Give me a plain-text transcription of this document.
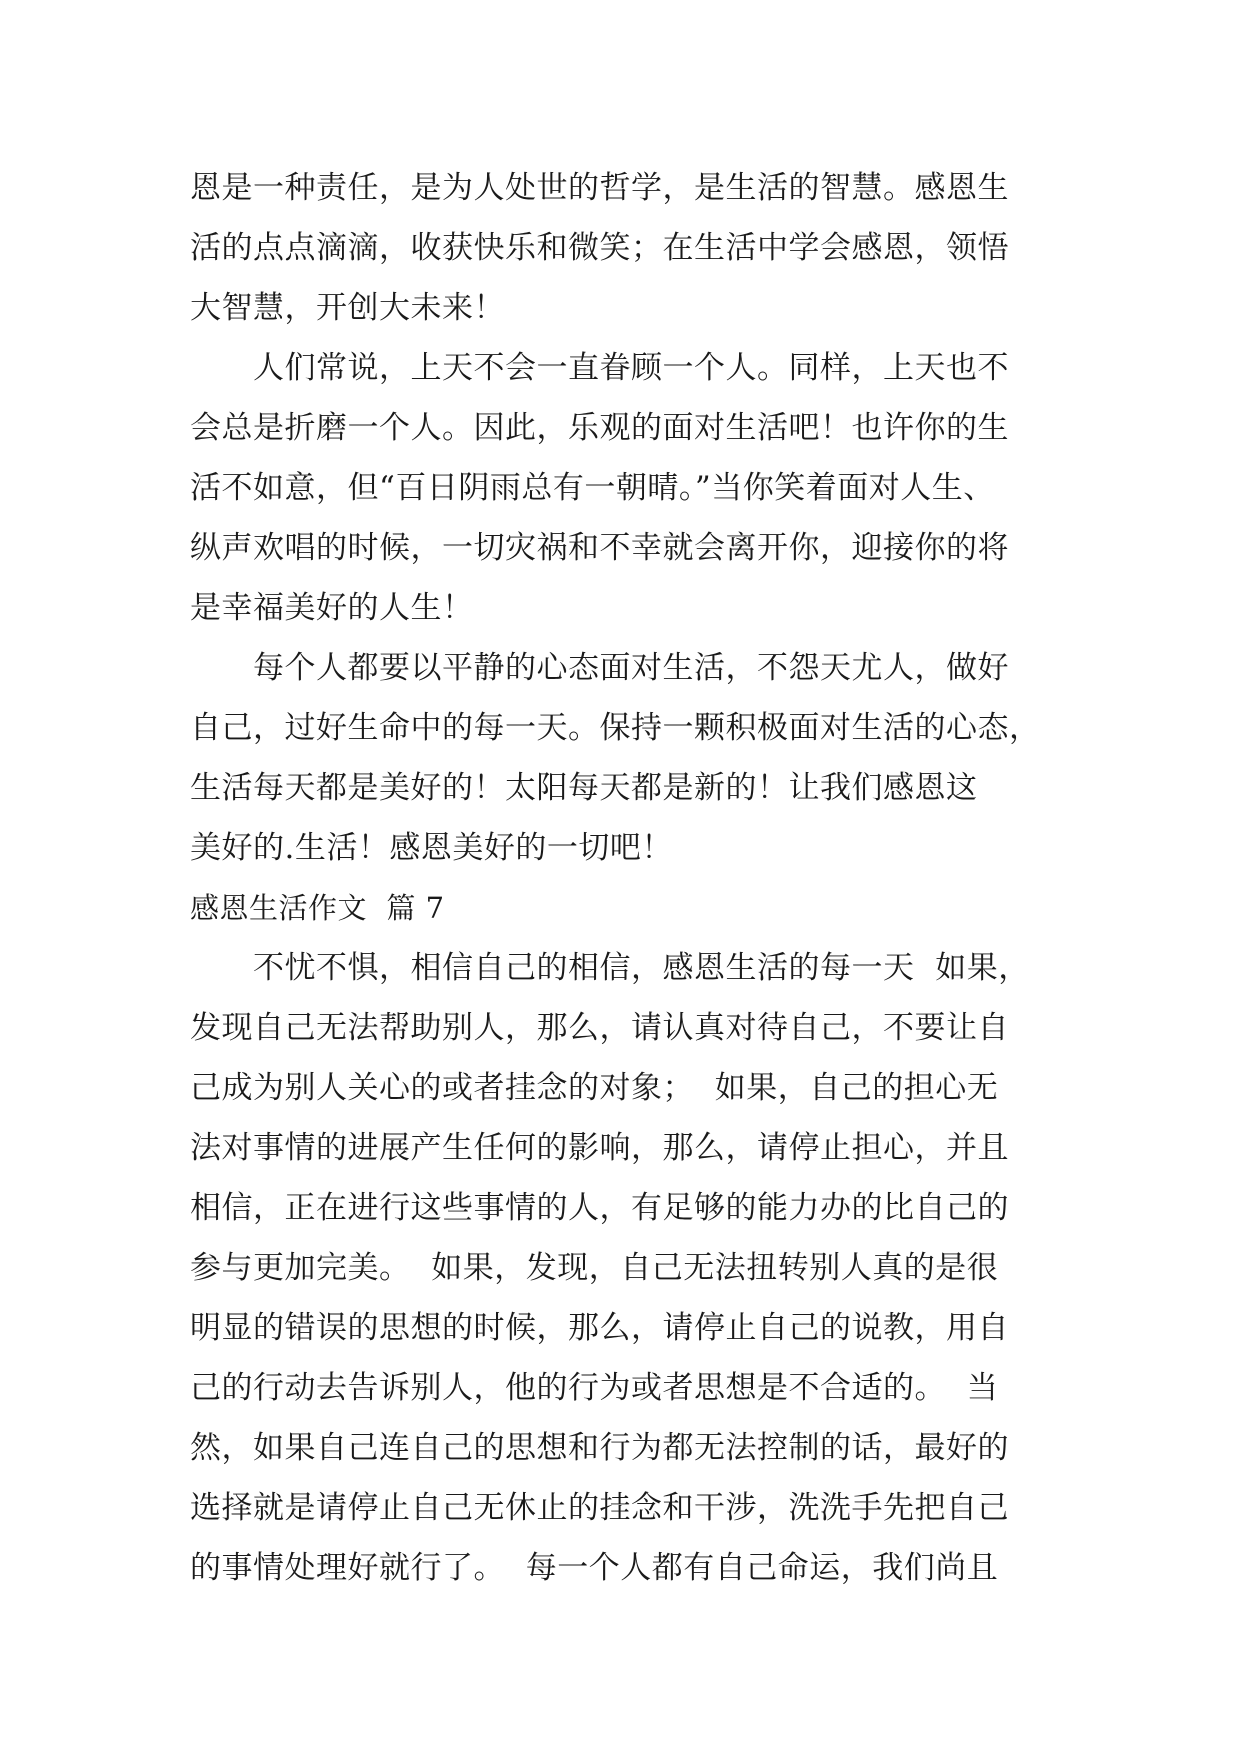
恩是一种责任，是为人处世的哲学，是生活的智慧。感恩生
活的点点滴滴，收获快乐和微笑；在生活中学会感恩，领悟
大智慧，开创大未来！
　　人们常说，上天不会一直眷顾一个人。同样，上天也不
会总是折磨一个人。因此，乐观的面对生活吧！也许你的生
活不如意，但“百日阴雨总有一朝晴。”当你笑着面对人生、
纵声欢唱的时候，一切灾祸和不幸就会离开你，迎接你的将
是幸福美好的人生！
　　每个人都要以平静的心态面对生活，不怨天尤人，做好
自己，过好生命中的每一天。保持一颗积极面对生活的心态，
生活每天都是美好的！太阳每天都是新的！让我们感恩这
美好的.生活！感恩美好的一切吧！
感恩生活作文  篇 7
　　不忧不惧，相信自己的相信，感恩生活的每一天  如果，
发现自己无法帮助别人，那么，请认真对待自己，不要让自
己成为别人关心的或者挂念的对象；  如果，自己的担心无
法对事情的进展产生任何的影响，那么，请停止担心，并且
相信，正在进行这些事情的人，有足够的能力办的比自己的
参与更加完美。  如果，发现，自己无法扭转别人真的是很
明显的错误的思想的时候，那么，请停止自己的说教，用自
己的行动去告诉别人，他的行为或者思想是不合适的。  当
然，如果自己连自己的思想和行为都无法控制的话，最好的
选择就是请停止自己无休止的挂念和干涉，洗洗手先把自己
的事情处理好就行了。  每一个人都有自己命运，我们尚且
